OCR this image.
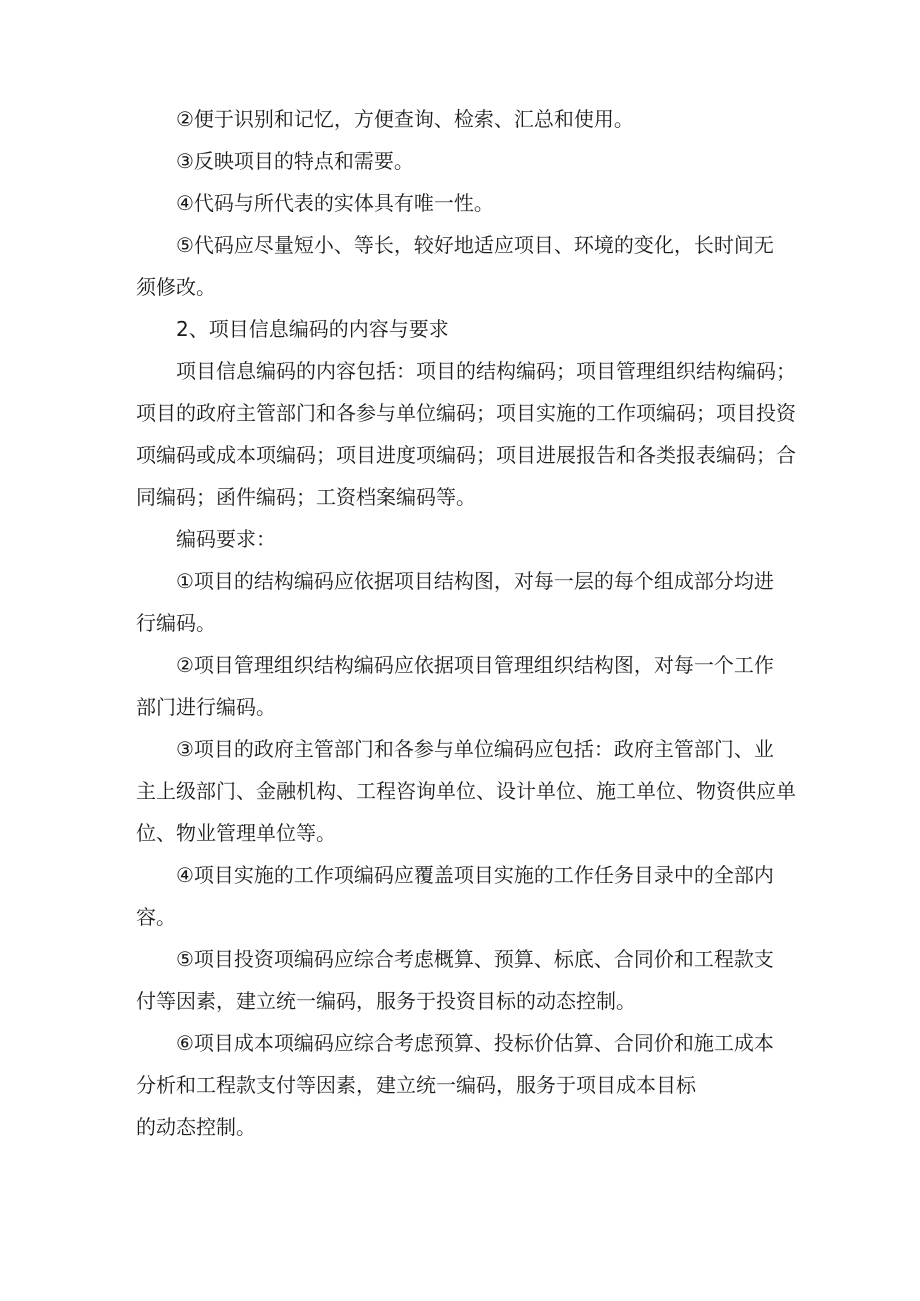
②便于识别和记忆，方便查询、检索、汇总和使用。
③反映项目的特点和需要。
④代码与所代表的实体具有唯一性。
⑤代码应尽量短小、等长，较好地适应项目、环境的变化，长时间无
须修改。
2、项目信息编码的内容与要求
项目信息编码的内容包括：项目的结构编码；项目管理组织结构编码；
项目的政府主管部门和各参与单位编码；项目实施的工作项编码；项目投资
项编码或成本项编码；项目进度项编码；项目进展报告和各类报表编码；合
同编码；函件编码；工资档案编码等。
编码要求：
①项目的结构编码应依据项目结构图，对每一层的每个组成部分均进
行编码。
②项目管理组织结构编码应依据项目管理组织结构图，对每一个工作
部门进行编码。
③项目的政府主管部门和各参与单位编码应包括：政府主管部门、业
主上级部门、金融机构、工程咨询单位、设计单位、施工单位、物资供应单
位、物业管理单位等。
④项目实施的工作项编码应覆盖项目实施的工作任务目录中的全部内
容。
⑤项目投资项编码应综合考虑概算、预算、标底、合同价和工程款支
付等因素，建立统一编码，服务于投资目标的动态控制。
⑥项目成本项编码应综合考虑预算、投标价估算、合同价和施工成本
分析和工程款支付等因素，建立统一编码，服务于项目成本目标
的动态控制。
